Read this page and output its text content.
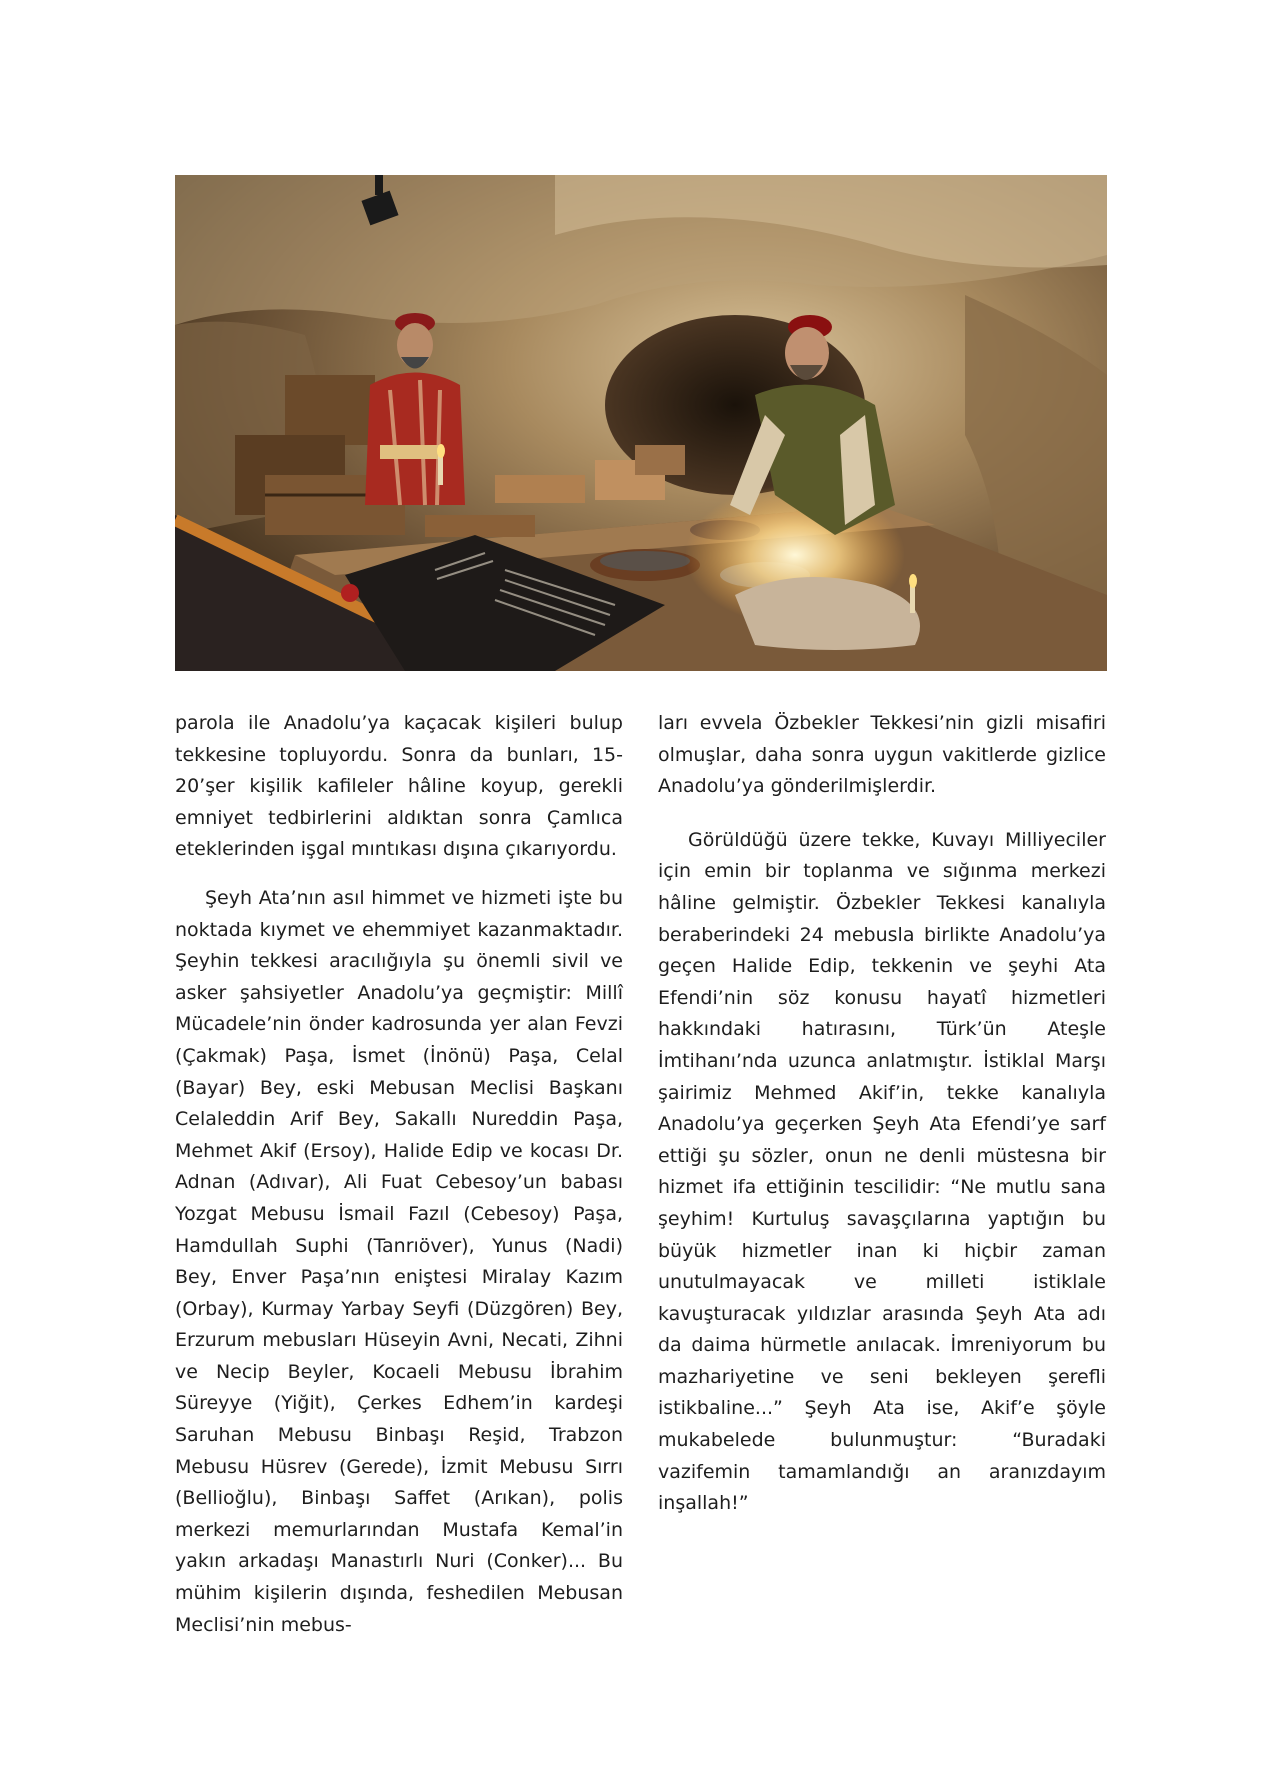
parola ile Anadolu’ya kaçacak kişileri bulup tekkesine topluyordu. Sonra da bunları, 15-20’şer kişilik kafileler hâline koyup, gerekli emniyet tedbirlerini aldıktan sonra Çamlıca eteklerinden işgal mıntıkası dışına çıkarıyordu.

Şeyh Ata’nın asıl himmet ve hizmeti işte bu noktada kıymet ve ehemmiyet kazanmaktadır. Şeyhin tekkesi aracılığıyla şu önemli sivil ve asker şahsiyetler Anadolu’ya geçmiştir: Millî Mücadele’nin önder kadrosunda yer alan Fevzi (Çakmak) Paşa, İsmet (İnönü) Paşa, Celal (Bayar) Bey, eski Mebusan Meclisi Başkanı Celaleddin Arif Bey, Sakallı Nureddin Paşa, Mehmet Akif (Ersoy), Halide Edip ve kocası Dr. Adnan (Adıvar), Ali Fuat Cebesoy’un babası Yozgat Mebusu İsmail Fazıl (Cebesoy) Paşa, Hamdullah Suphi (Tanrıöver), Yunus (Nadi) Bey, Enver Paşa’nın eniştesi Miralay Kazım (Orbay), Kurmay Yarbay Seyfi (Düzgören) Bey, Erzurum mebusları Hüseyin Avni, Necati, Zihni ve Necip Beyler, Kocaeli Mebusu İbrahim Süreyye (Yiğit), Çerkes Edhem’in kardeşi Saruhan Mebusu Binbaşı Reşid, Trabzon Mebusu Hüsrev (Gerede), İzmit Mebusu Sırrı (Bellioğlu), Binbaşı Saffet (Arıkan), polis merkezi memurlarından Mustafa Kemal’in yakın arkadaşı Manastırlı Nuri (Conker)... Bu mühim kişilerin dışında, feshedilen Mebusan Meclisi’nin mebus-

ları evvela Özbekler Tekkesi’nin gizli misafiri olmuşlar, daha sonra uygun vakitlerde gizlice Anadolu’ya gönderilmişlerdir.

Görüldüğü üzere tekke, Kuvayı Milliyeciler için emin bir toplanma ve sığınma merkezi hâline gelmiştir. Özbekler Tekkesi kanalıyla beraberindeki 24 mebusla birlikte Anadolu’ya geçen Halide Edip, tekkenin ve şeyhi Ata Efendi’nin söz konusu hayatî hizmetleri hakkındaki hatırasını, Türk’ün Ateşle İmtihanı’nda uzunca anlatmıştır. İstiklal Marşı şairimiz Mehmed Akif’in, tekke kanalıyla Anadolu’ya geçerken Şeyh Ata Efendi’ye sarf ettiği şu sözler, onun ne denli müstesna bir hizmet ifa ettiğinin tescilidir: “Ne mutlu sana şeyhim! Kurtuluş savaşçılarına yaptığın bu büyük hizmetler inan ki hiçbir zaman unutulmayacak ve milleti istiklale kavuşturacak yıldızlar arasında Şeyh Ata adı da daima hürmetle anılacak. İmreniyorum bu mazhariyetine ve seni bekleyen şerefli istikbaline...” Şeyh Ata ise, Akif’e şöyle mukabelede bulunmuştur: “Buradaki vazifemin tamamlandığı an aranızdayım inşallah!”
